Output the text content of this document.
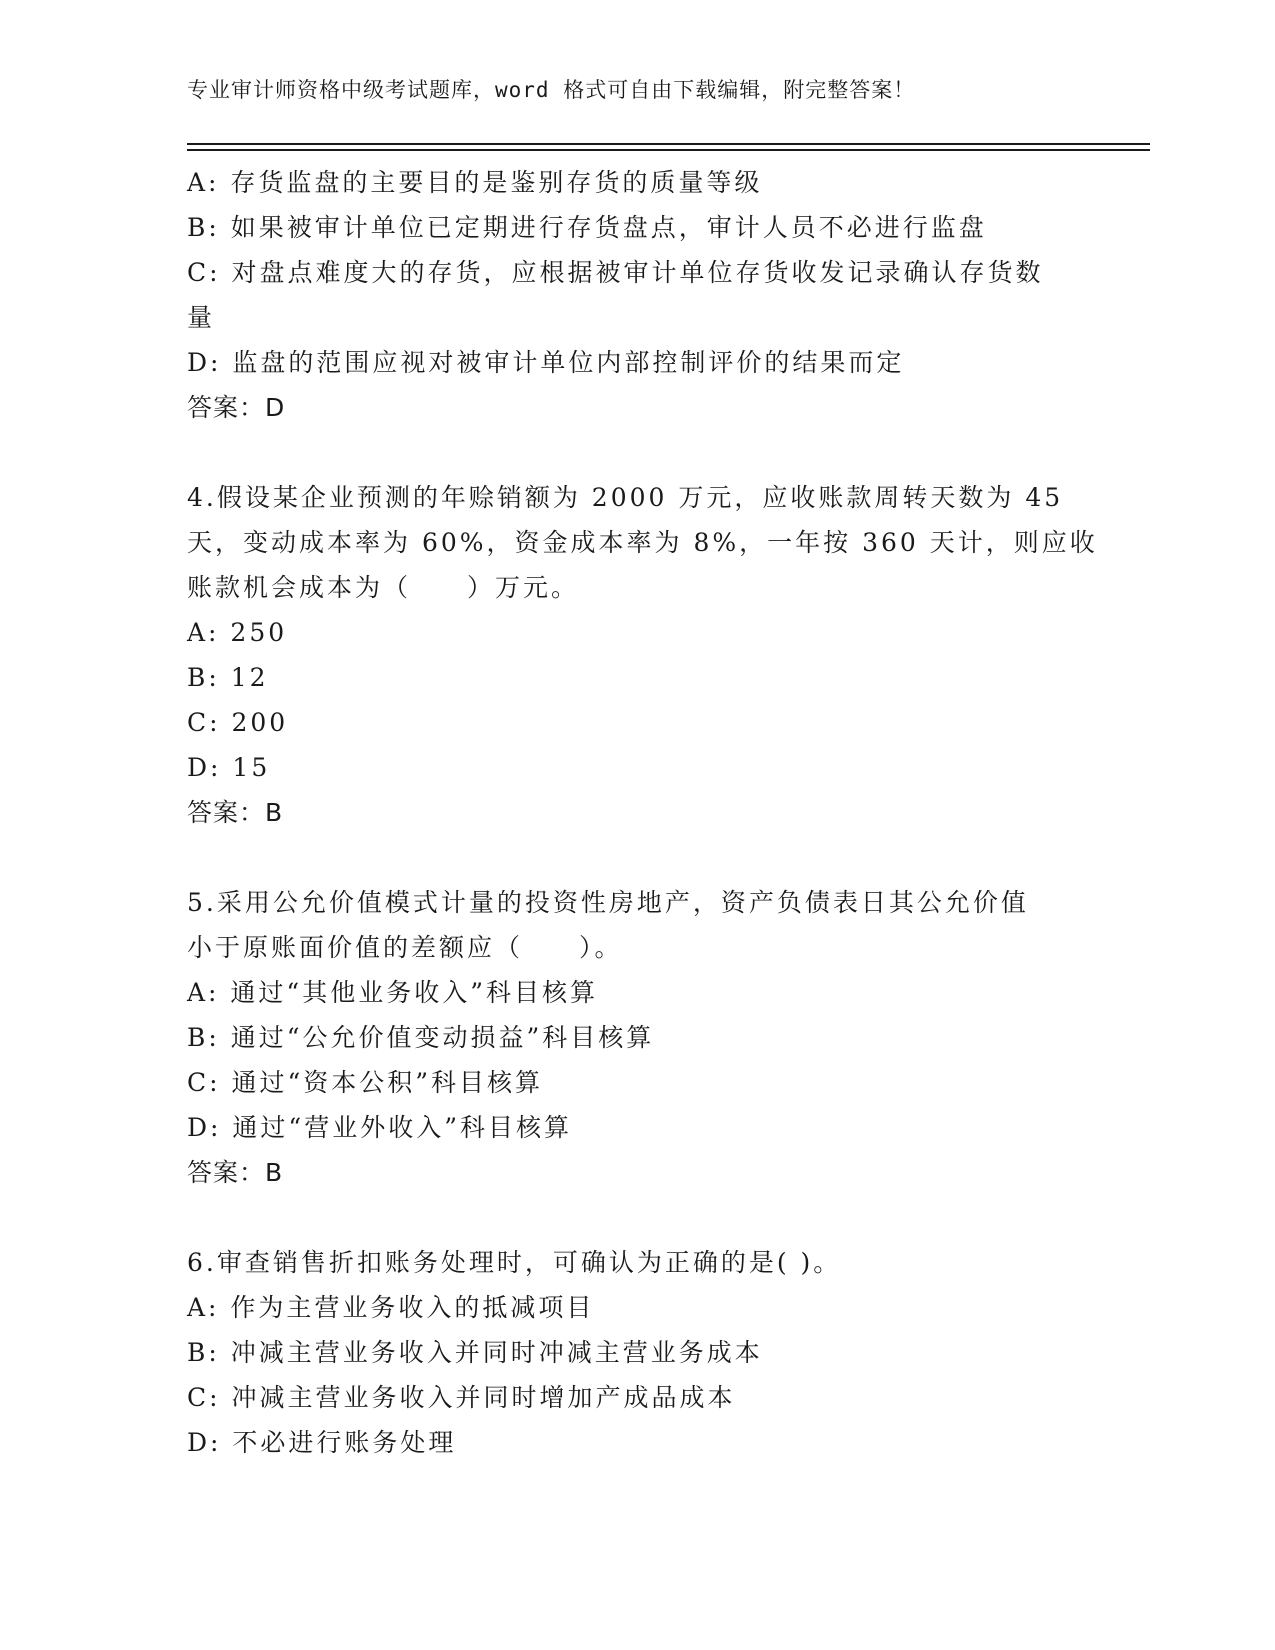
专业审计师资格中级考试题库，word 格式可自由下载编辑，附完整答案！
A: 存货监盘的主要目的是鉴别存货的质量等级
B: 如果被审计单位已定期进行存货盘点，审计人员不必进行监盘
C: 对盘点难度大的存货，应根据被审计单位存货收发记录确认存货数
量
D: 监盘的范围应视对被审计单位内部控制评价的结果而定
答案：D
4.假设某企业预测的年赊销额为 2000 万元，应收账款周转天数为 45
天，变动成本率为 60%，资金成本率为 8%，一年按 360 天计，则应收
账款机会成本为（　　）万元。
A: 250
B: 12
C: 200
D: 15
答案：B
5.采用公允价值模式计量的投资性房地产，资产负债表日其公允价值
小于原账面价值的差额应（　　）。
A: 通过“其他业务收入”科目核算
B: 通过“公允价值变动损益”科目核算
C: 通过“资本公积”科目核算
D: 通过“营业外收入”科目核算
答案：B
6.审查销售折扣账务处理时，可确认为正确的是( )。
A: 作为主营业务收入的抵减项目
B: 冲减主营业务收入并同时冲减主营业务成本
C: 冲减主营业务收入并同时增加产成品成本
D: 不必进行账务处理
